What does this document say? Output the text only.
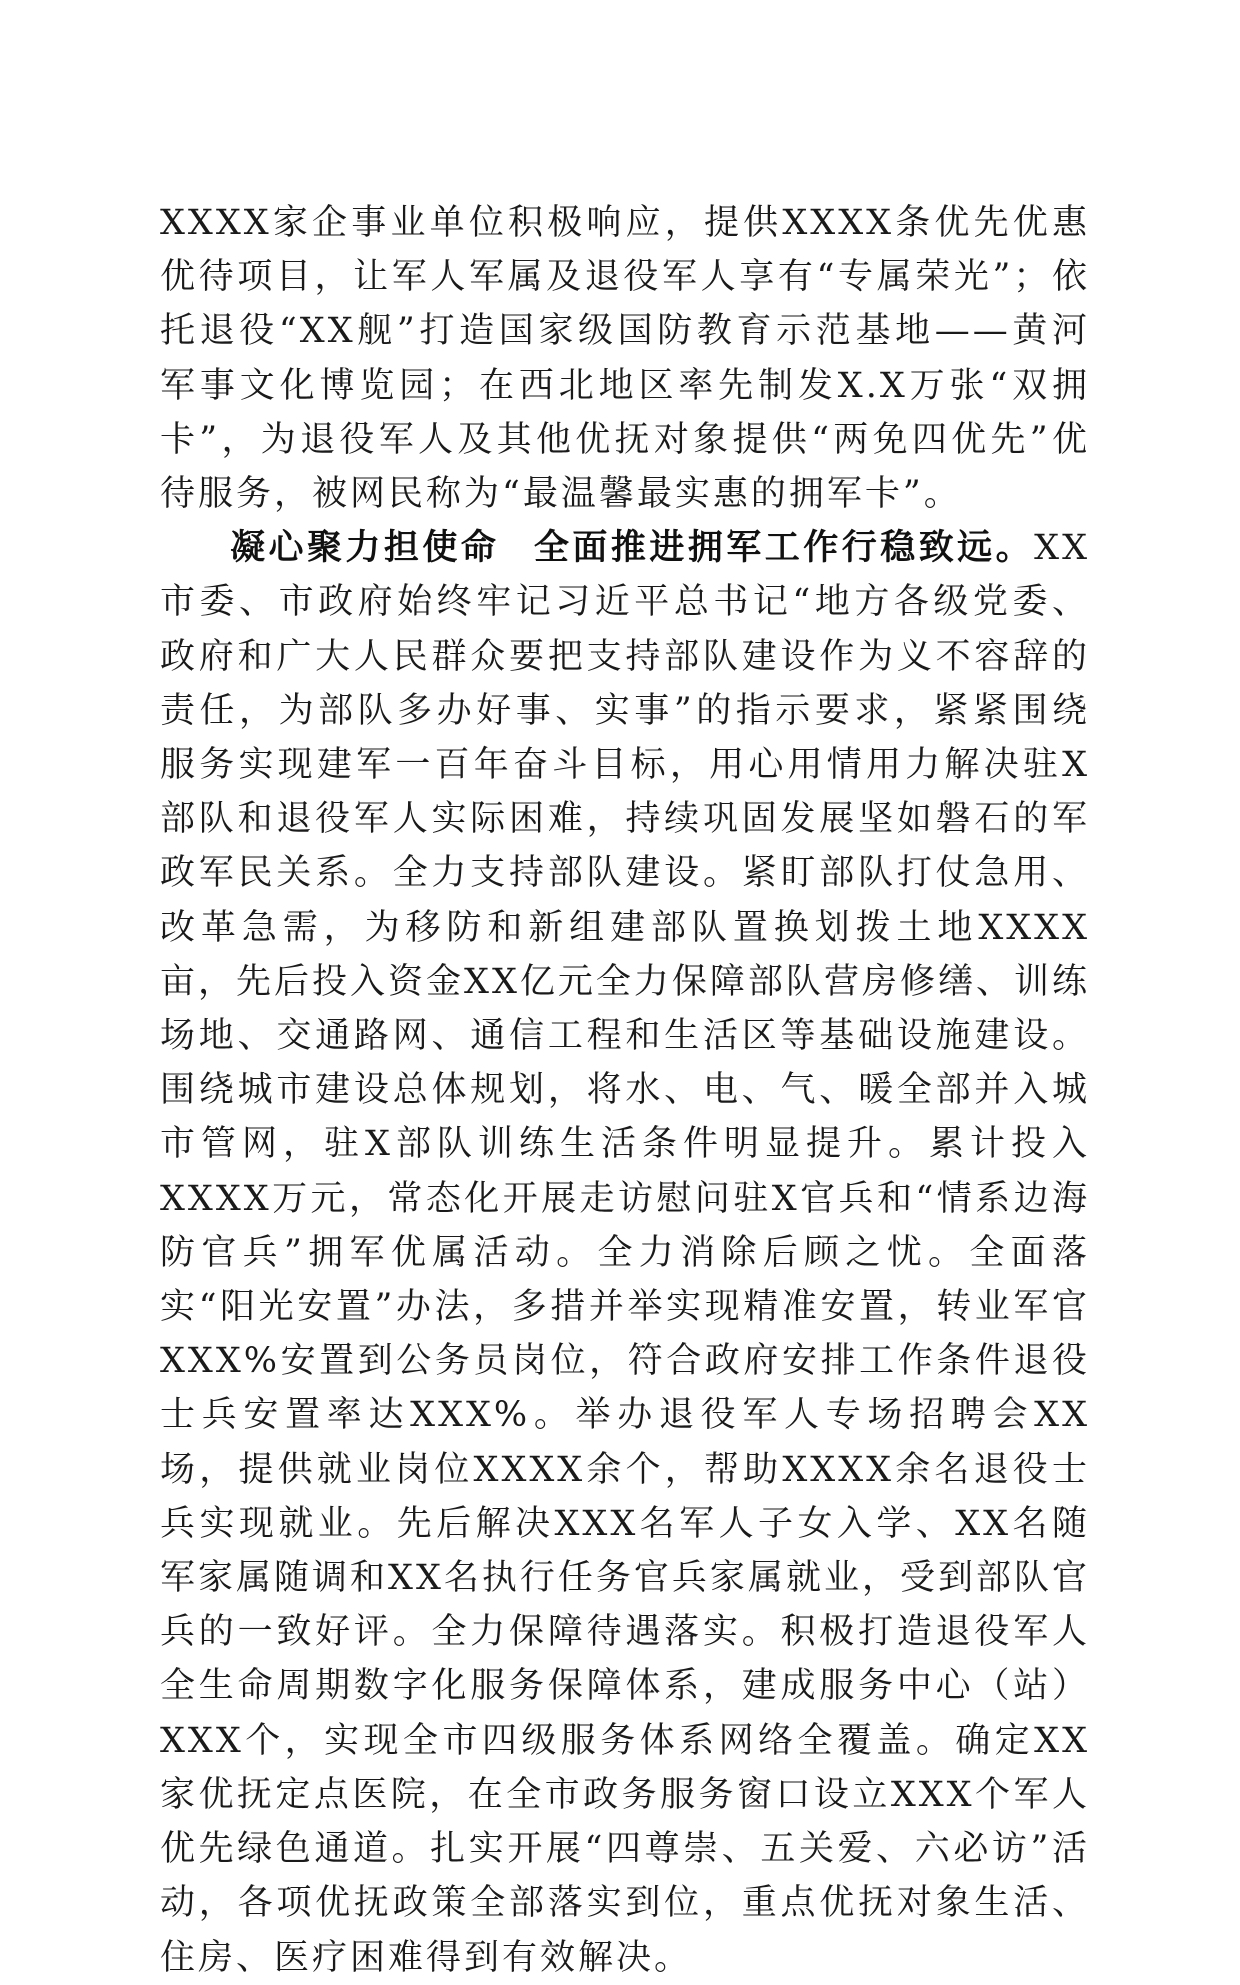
XXXX家企事业单位积极响应，提供XXXX条优先优惠优待项目，让军人军属及退役军人享有“专属荣光”；依托退役“XX舰”打造国家级国防教育示范基地——黄河军事文化博览园；在西北地区率先制发X.X万张“双拥卡”，为退役军人及其他优抚对象提供“两免四优先”优待服务，被网民称为“最温馨最实惠的拥军卡”。

凝心聚力担使命 全面推进拥军工作行稳致远。XX市委、市政府始终牢记习近平总书记“地方各级党委、政府和广大人民群众要把支持部队建设作为义不容辞的责任，为部队多办好事、实事”的指示要求，紧紧围绕服务实现建军一百年奋斗目标，用心用情用力解决驻X部队和退役军人实际困难，持续巩固发展坚如磐石的军政军民关系。全力支持部队建设。紧盯部队打仗急用、改革急需，为移防和新组建部队置换划拨土地XXXX亩，先后投入资金XX亿元全力保障部队营房修缮、训练场地、交通路网、通信工程和生活区等基础设施建设。围绕城市建设总体规划，将水、电、气、暖全部并入城市管网，驻X部队训练生活条件明显提升。累计投入XXXX万元，常态化开展走访慰问驻X官兵和“情系边海防官兵”拥军优属活动。全力消除后顾之忧。全面落实“阳光安置”办法，多措并举实现精准安置，转业军官XXX%安置到公务员岗位，符合政府安排工作条件退役士兵安置率达XXX%。举办退役军人专场招聘会XX场，提供就业岗位XXXX余个，帮助XXXX余名退役士兵实现就业。先后解决XXX名军人子女入学、XX名随军家属随调和XX名执行任务官兵家属就业，受到部队官兵的一致好评。全力保障待遇落实。积极打造退役军人全生命周期数字化服务保障体系，建成服务中心（站）XXX个，实现全市四级服务体系网络全覆盖。确定XX家优抚定点医院，在全市政务服务窗口设立XXX个军人优先绿色通道。扎实开展“四尊崇、五关爱、六必访”活动，各项优抚政策全部落实到位，重点优抚对象生活、住房、医疗困难得到有效解决。
